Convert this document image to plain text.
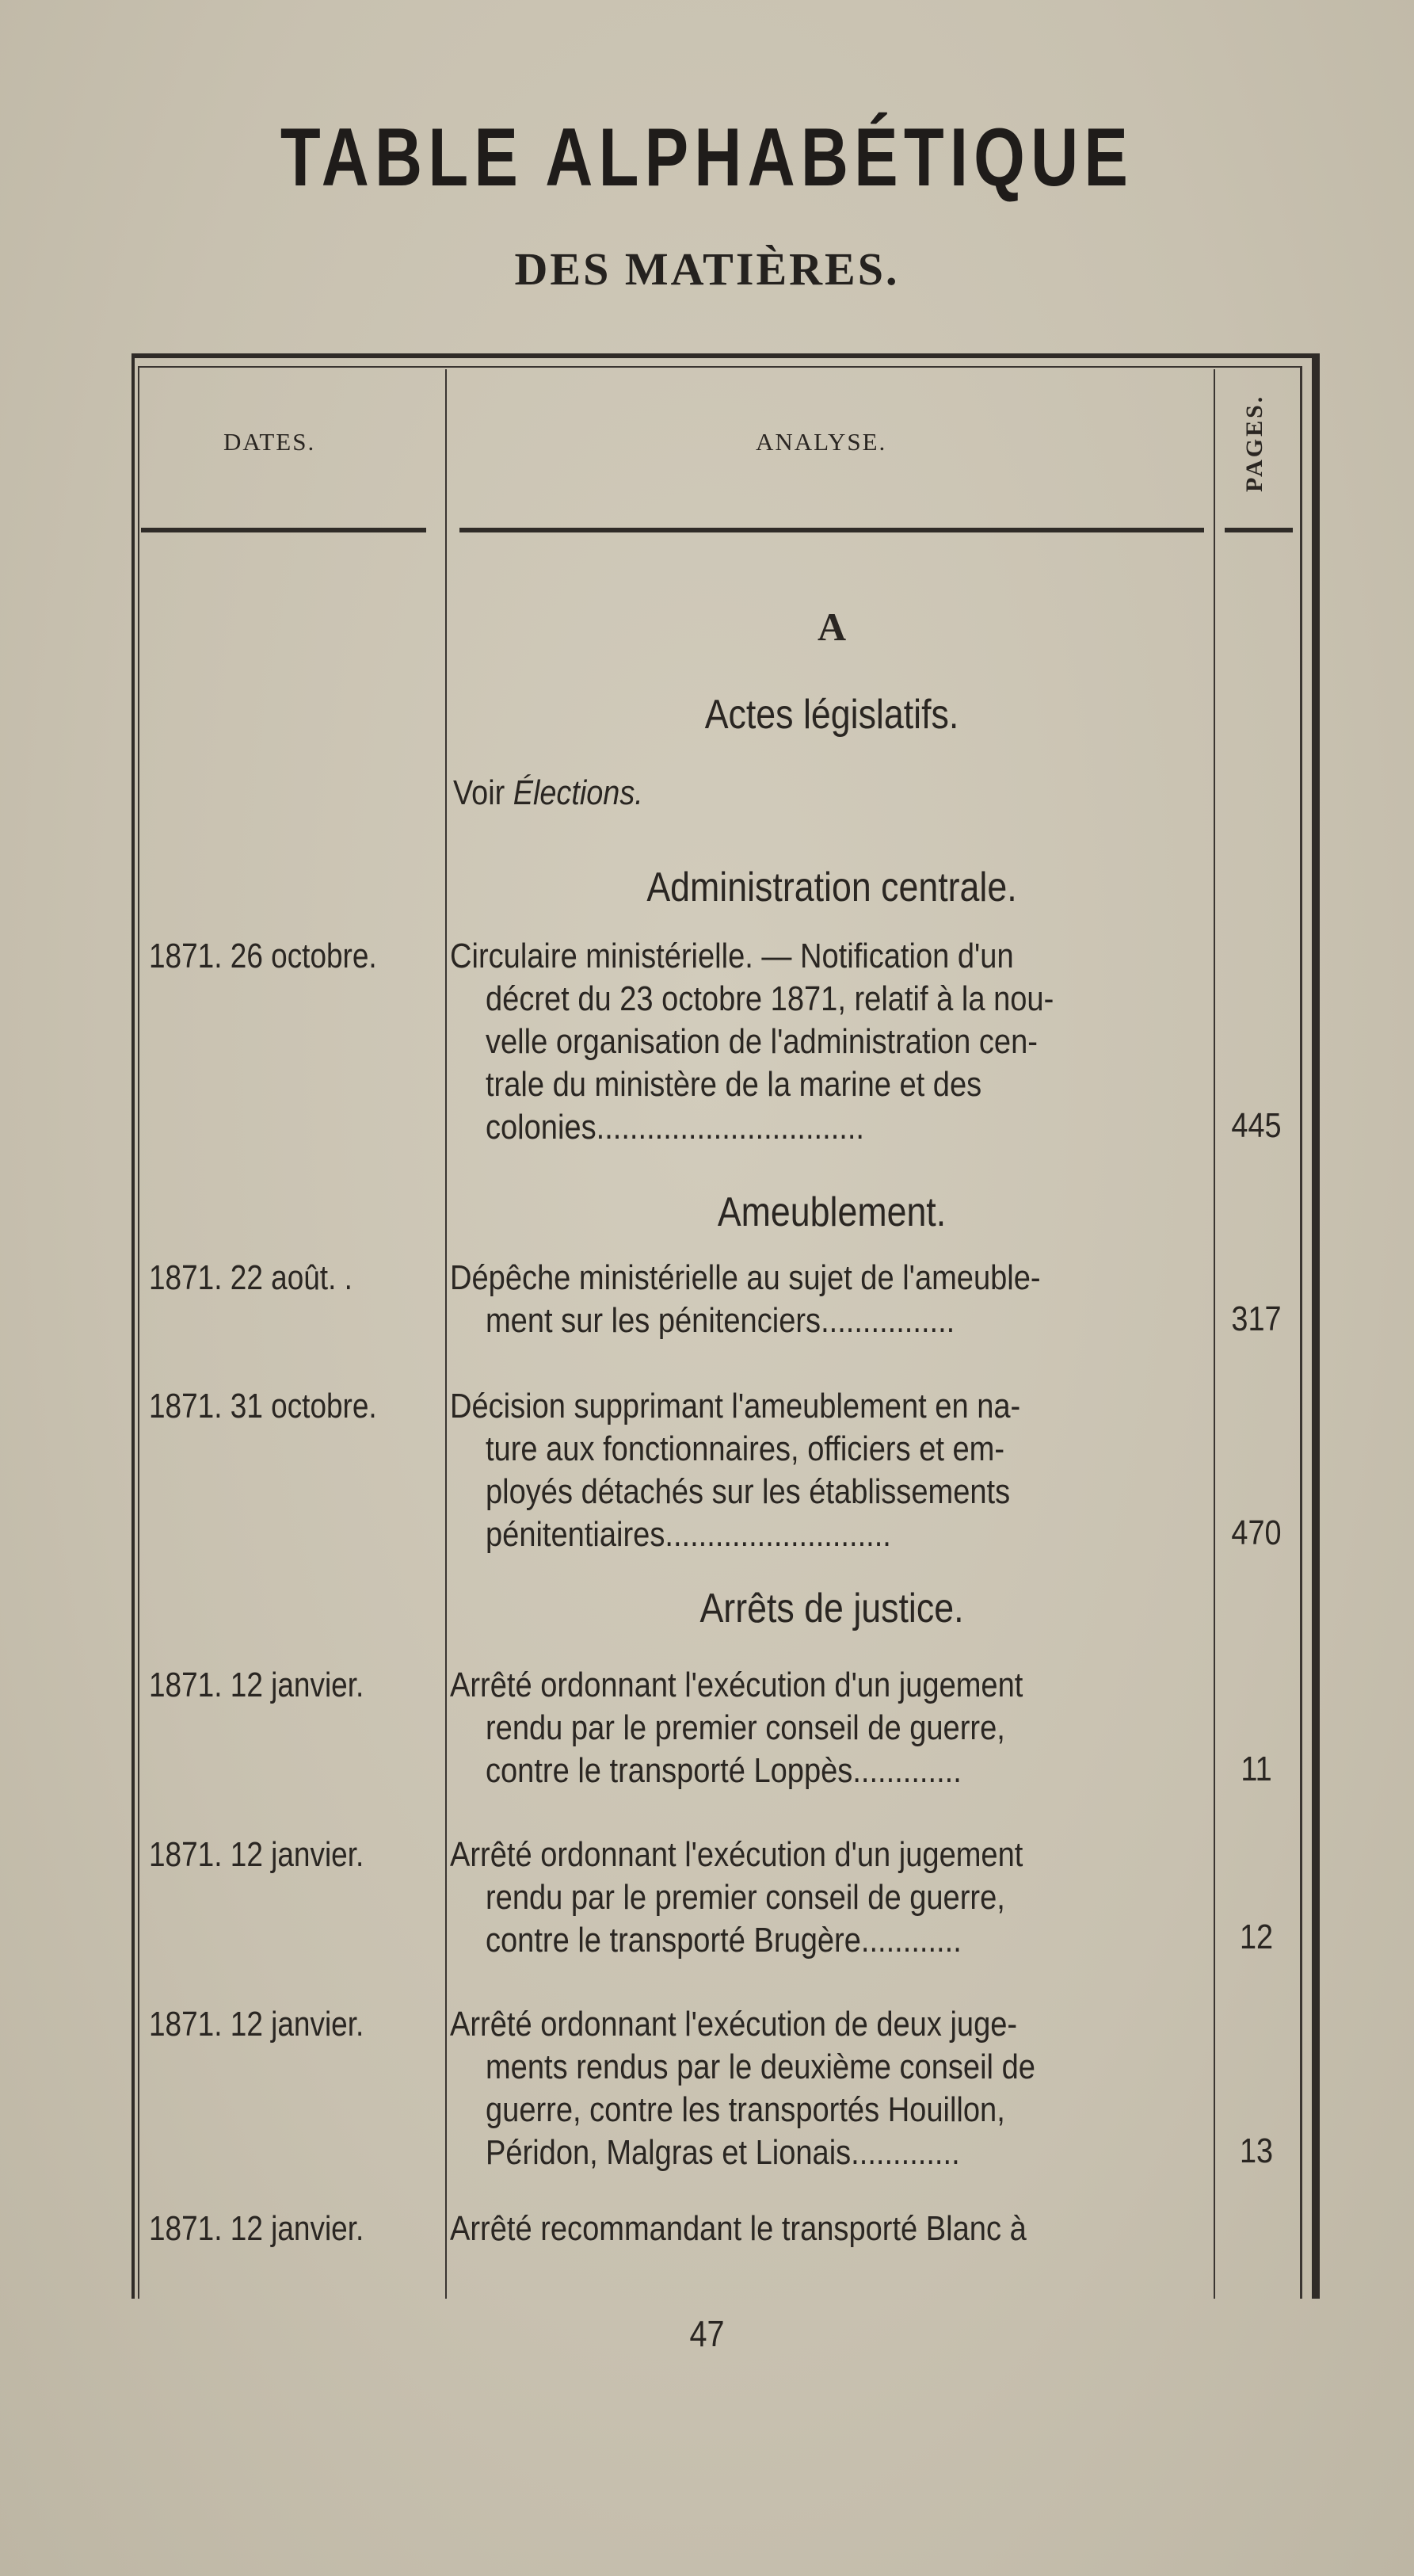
TABLE ALPHABÉTIQUE
DES MATIÈRES.
DATES.	ANALYSE.	PAGES.
A
Actes législatifs.
Voir Élections.
Administration centrale.
1871. 26 octobre.	Circulaire ministérielle. — Notification d'un
décret du 23 octobre 1871, relatif à la nou-
velle organisation de l'administration cen-
trale du ministère de la marine et des
colonies................................	445
Ameublement.
1871. 22 août. .	Dépêche ministérielle au sujet de l'ameuble-
ment sur les pénitenciers................	317
1871. 31 octobre.	Décision supprimant l'ameublement en na-
ture aux fonctionnaires, officiers et em-
ployés détachés sur les établissements
pénitentiaires...........................	470
Arrêts de justice.
1871. 12 janvier.	Arrêté ordonnant l'exécution d'un jugement
rendu par le premier conseil de guerre,
contre le transporté Loppès.............	11
1871. 12 janvier.	Arrêté ordonnant l'exécution d'un jugement
rendu par le premier conseil de guerre,
contre le transporté Brugère............	12
1871. 12 janvier.	Arrêté ordonnant l'exécution de deux juge-
ments rendus par le deuxième conseil de
guerre, contre les transportés Houillon,
Péridon, Malgras et Lionais.............	13
1871. 12 janvier.	Arrêté recommandant le transporté Blanc à
47
